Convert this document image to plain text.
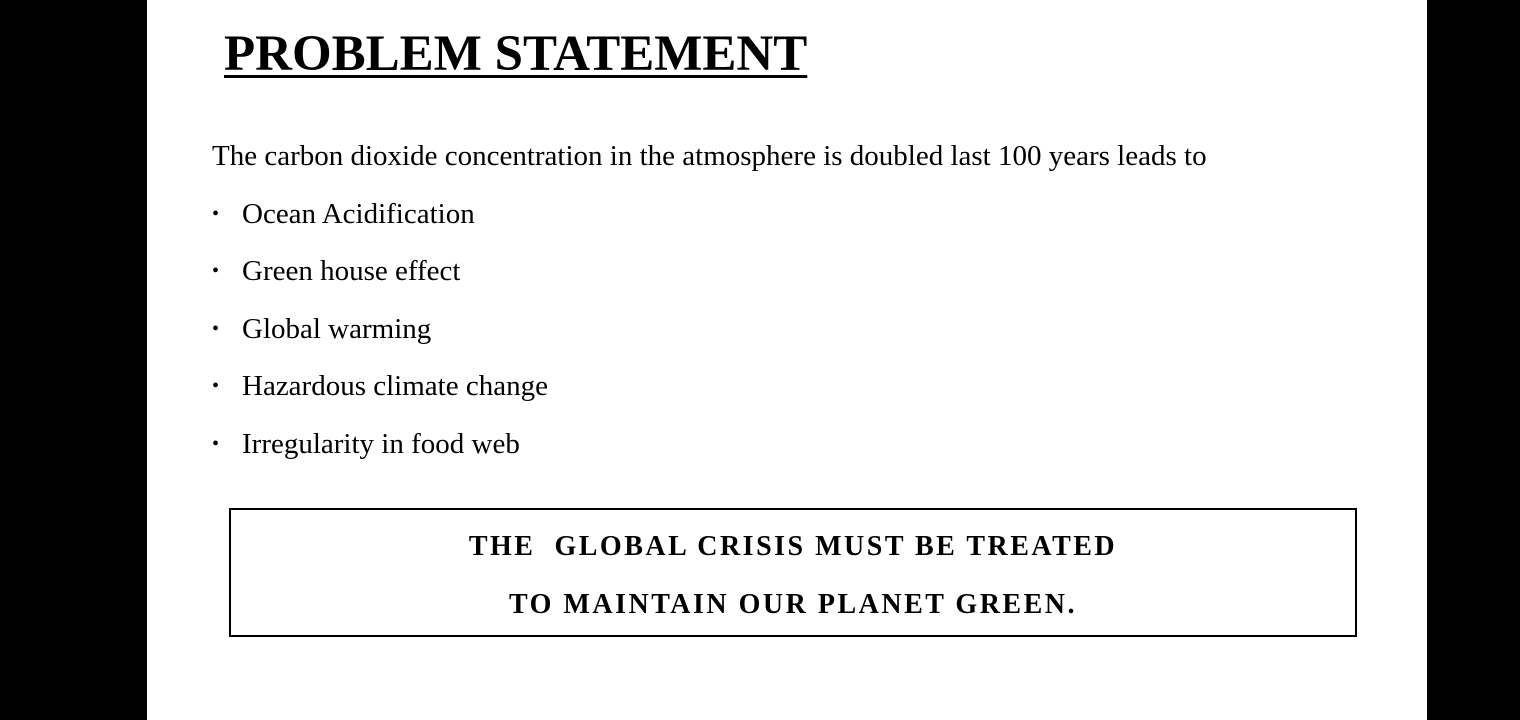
PROBLEM STATEMENT

The carbon dioxide concentration in the atmosphere is doubled last 100 years leads to

• Ocean Acidification
• Green house effect
• Global warming
• Hazardous climate change
• Irregularity in food web

THE  GLOBAL CRISIS MUST BE TREATED

TO MAINTAIN OUR PLANET GREEN.
